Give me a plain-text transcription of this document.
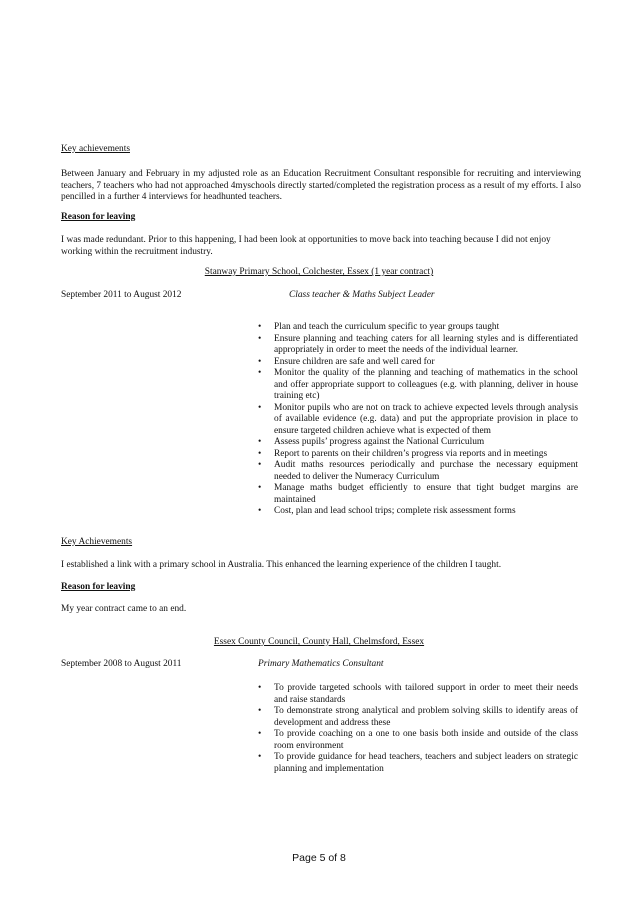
Key achievements
Between January and February in my adjusted role as an Education Recruitment Consultant responsible for recruiting and interviewing teachers, 7 teachers who had not approached 4myschools directly started/completed the registration process as a result of my efforts. I also pencilled in a further 4 interviews for headhunted teachers.
Reason for leaving
I was made redundant. Prior to this happening, I had been look at opportunities to move back into teaching because I did not enjoy working within the recruitment industry.
Stanway Primary School, Colchester, Essex (1 year contract)
September 2011 to August 2012	Class teacher & Maths Subject Leader
• Plan and teach the curriculum specific to year groups taught
• Ensure planning and teaching caters for all learning styles and is differentiated appropriately in order to meet the needs of the individual learner.
• Ensure children are safe and well cared for
• Monitor the quality of the planning and teaching of mathematics in the school and offer appropriate support to colleagues (e.g. with planning, deliver in house training etc)
• Monitor pupils who are not on track to achieve expected levels through analysis of available evidence (e.g. data) and put the appropriate provision in place to ensure targeted children achieve what is expected of them
• Assess pupils’ progress against the National Curriculum
• Report to parents on their children’s progress via reports and in meetings
• Audit maths resources periodically and purchase the necessary equipment needed to deliver the Numeracy Curriculum
• Manage maths budget efficiently to ensure that tight budget margins are maintained
• Cost, plan and lead school trips; complete risk assessment forms
Key Achievements
I established a link with a primary school in Australia. This enhanced the learning experience of the children I taught.
Reason for leaving
My year contract came to an end.
Essex County Council, County Hall, Chelmsford, Essex
September 2008 to August 2011	Primary Mathematics Consultant
• To provide targeted schools with tailored support in order to meet their needs and raise standards
• To demonstrate strong analytical and problem solving skills to identify areas of development and address these
• To provide coaching on a one to one basis both inside and outside of the class room environment
• To provide guidance for head teachers, teachers and subject leaders on strategic planning and implementation
Page 5 of 8
